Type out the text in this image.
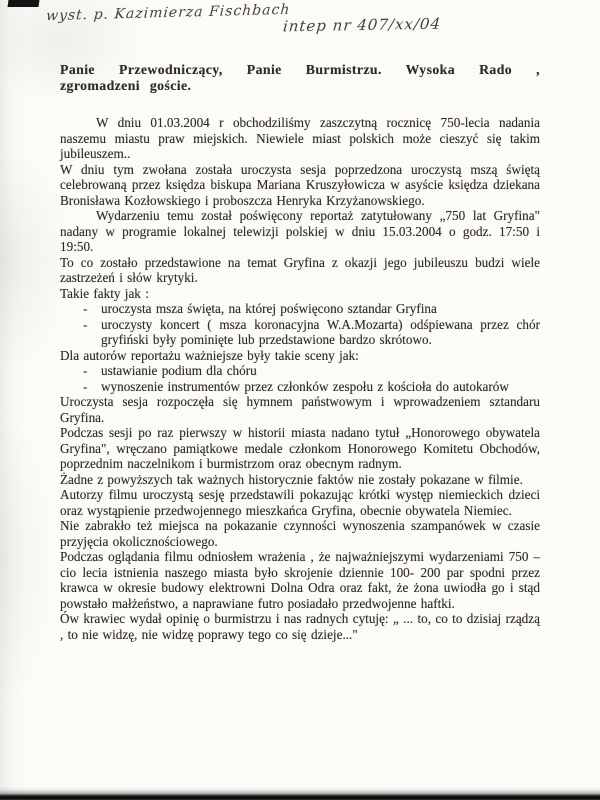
wyst. p. Kazimierza Fischbach
intep nr 407/xx/04
Panie Przewodniczący, Panie Burmistrzu. Wysoka Rado , zgromadzeni goście.

W dniu 01.03.2004 r obchodziliśmy zaszczytną rocznicę 750-lecia nadania naszemu miastu praw miejskich. Niewiele miast polskich może cieszyć się takim jubileuszem..

W dniu tym zwołana została uroczysta sesja poprzedzona uroczystą mszą świętą celebrowaną przez księdza biskupa Mariana Kruszyłowicza w asyście księdza dziekana Bronisława Kozłowskiego i proboszcza Henryka Krzyżanowskiego.

Wydarzeniu temu został poświęcony reportaż zatytułowany „750 lat Gryfina" nadany w programie lokalnej telewizji polskiej w dniu 15.03.2004 o godz. 17:50 i 19:50.

To co zostało przedstawione na temat Gryfina z okazji jego jubileuszu budzi wiele zastrzeżeń i słów krytyki.

Takie fakty jak :

- uroczysta msza święta, na której poświęcono sztandar Gryfina
- uroczysty koncert ( msza koronacyjna W.A.Mozarta) odśpiewana przez chór gryfiński były pominięte lub przedstawione bardzo skrótowo.

Dla autorów reportażu ważniejsze były takie sceny jak:

- ustawianie podium dla chóru
- wynoszenie instrumentów przez członków zespołu z kościoła do autokarów

Uroczysta sesja rozpoczęła się hymnem państwowym i wprowadzeniem sztandaru Gryfina.

Podczas sesji po raz pierwszy w historii miasta nadano tytuł „Honorowego obywatela Gryfina", wręczano pamiątkowe medale członkom Honorowego Komitetu Obchodów, poprzednim naczelnikom i burmistrzom oraz obecnym radnym.

Żadne z powyższych tak ważnych historycznie faktów nie zostały pokazane w filmie.

Autorzy filmu uroczystą sesję przedstawili pokazując krótki występ niemieckich dzieci oraz wystąpienie przedwojennego mieszkańca Gryfina, obecnie obywatela Niemiec.

Nie zabrakło też miejsca na pokazanie czynności wynoszenia szampanówek w czasie przyjęcia okolicznościowego.

Podczas oglądania filmu odniosłem wrażenia , że najważniejszymi wydarzeniami 750 –cio lecia istnienia naszego miasta było skrojenie dziennie 100- 200 par spodni przez krawca w okresie budowy elektrowni Dolna Odra oraz fakt, że żona uwiodła go i stąd powstało małżeństwo, a naprawiane futro posiadało przedwojenne haftki.

Ów krawiec wydał opinię o burmistrzu i nas radnych cytuję: „ ... to, co to dzisiaj rządzą , to nie widzę, nie widzę poprawy tego co się dzieje..."
